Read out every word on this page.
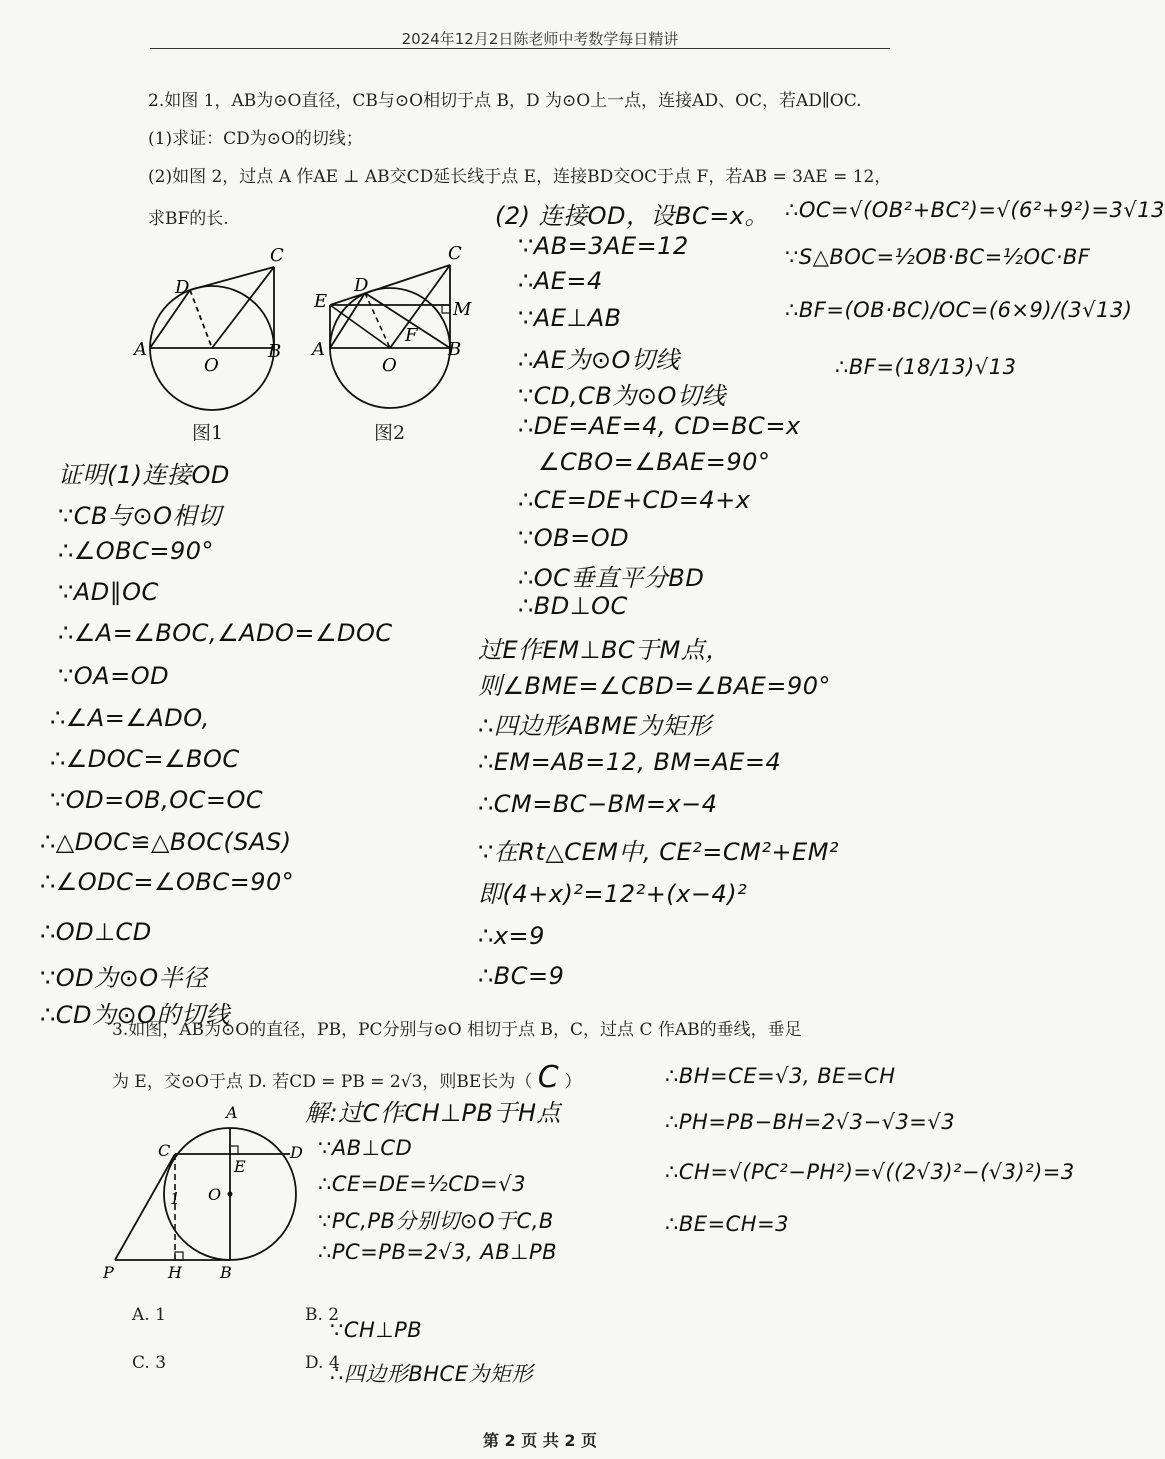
2024年12月2日陈老师中考数学每日精讲
2.如图 1，AB为⊙O直径，CB与⊙O相切于点 B，D 为⊙O上一点，连接AD、OC，若AD∥OC.
(1)求证：CD为⊙O的切线；
(2)如图 2，过点 A 作AE ⊥ AB交CD延长线于点 E，连接BD交OC于点 F，若AB = 3AE = 12，
求BF的长.
C
D
A	B
O
图1
C
D
E	M
F
A	B
O
图2
证明(1)连接OD
∵CB与⊙O相切
∴∠OBC=90°
∵AD∥OC
∴∠A=∠BOC,∠ADO=∠DOC
∵OA=OD
∴∠A=∠ADO,
∴∠DOC=∠BOC
∵OD=OB,OC=OC
∴△DOC≌△BOC(SAS)
∴∠ODC=∠OBC=90°
∴OD⊥CD
∵OD为⊙O半径
∴CD为⊙O的切线
(2) 连接OD，设BC=x。
∵AB=3AE=12
∴AE=4
∵AE⊥AB
∴AE为⊙O切线
∵CD,CB为⊙O切线
∴DE=AE=4, CD=BC=x
∠CBO=∠BAE=90°
∴CE=DE+CD=4+x
∵OB=OD
∴OC垂直平分BD
∴BD⊥OC
过E作EM⊥BC于M点，
则∠BME=∠CBD=∠BAE=90°
∴四边形ABME为矩形
∴EM=AB=12, BM=AE=4
∴CM=BC−BM=x−4
∵在Rt△CEM中, CE²=CM²+EM²
即(4+x)²=12²+(x−4)²
∴x=9
∴BC=9
∴OC=√(OB²+BC²)=√(6²+9²)=3√13
∵S△BOC=½OB·BC=½OC·BF
∴BF=(OB·BC)/OC=(6×9)/(3√13)
∴BF=(18/13)√13
3.如图，AB为⊙O的直径，PB，PC分别与⊙O 相切于点 B，C，过点 C 作AB的垂线，垂足
为 E，交⊙O于点 D. 若CD = PB = 2√3，则BE长为（ C ）
A
C	D
E
O
1
P	H B
A. 1	B. 2
C. 3	D. 4
解:过C作CH⊥PB于H点
∵AB⊥CD
∴CE=DE=½CD=√3
∵PC,PB分别切⊙O于C,B
∴PC=PB=2√3, AB⊥PB
∵CH⊥PB
∴四边形BHCE为矩形
∴BH=CE=√3, BE=CH
∴PH=PB−BH=2√3−√3=√3
∴CH=√(PC²−PH²)=√((2√3)²−(√3)²)=3
∴BE=CH=3
第 2 页 共 2 页
